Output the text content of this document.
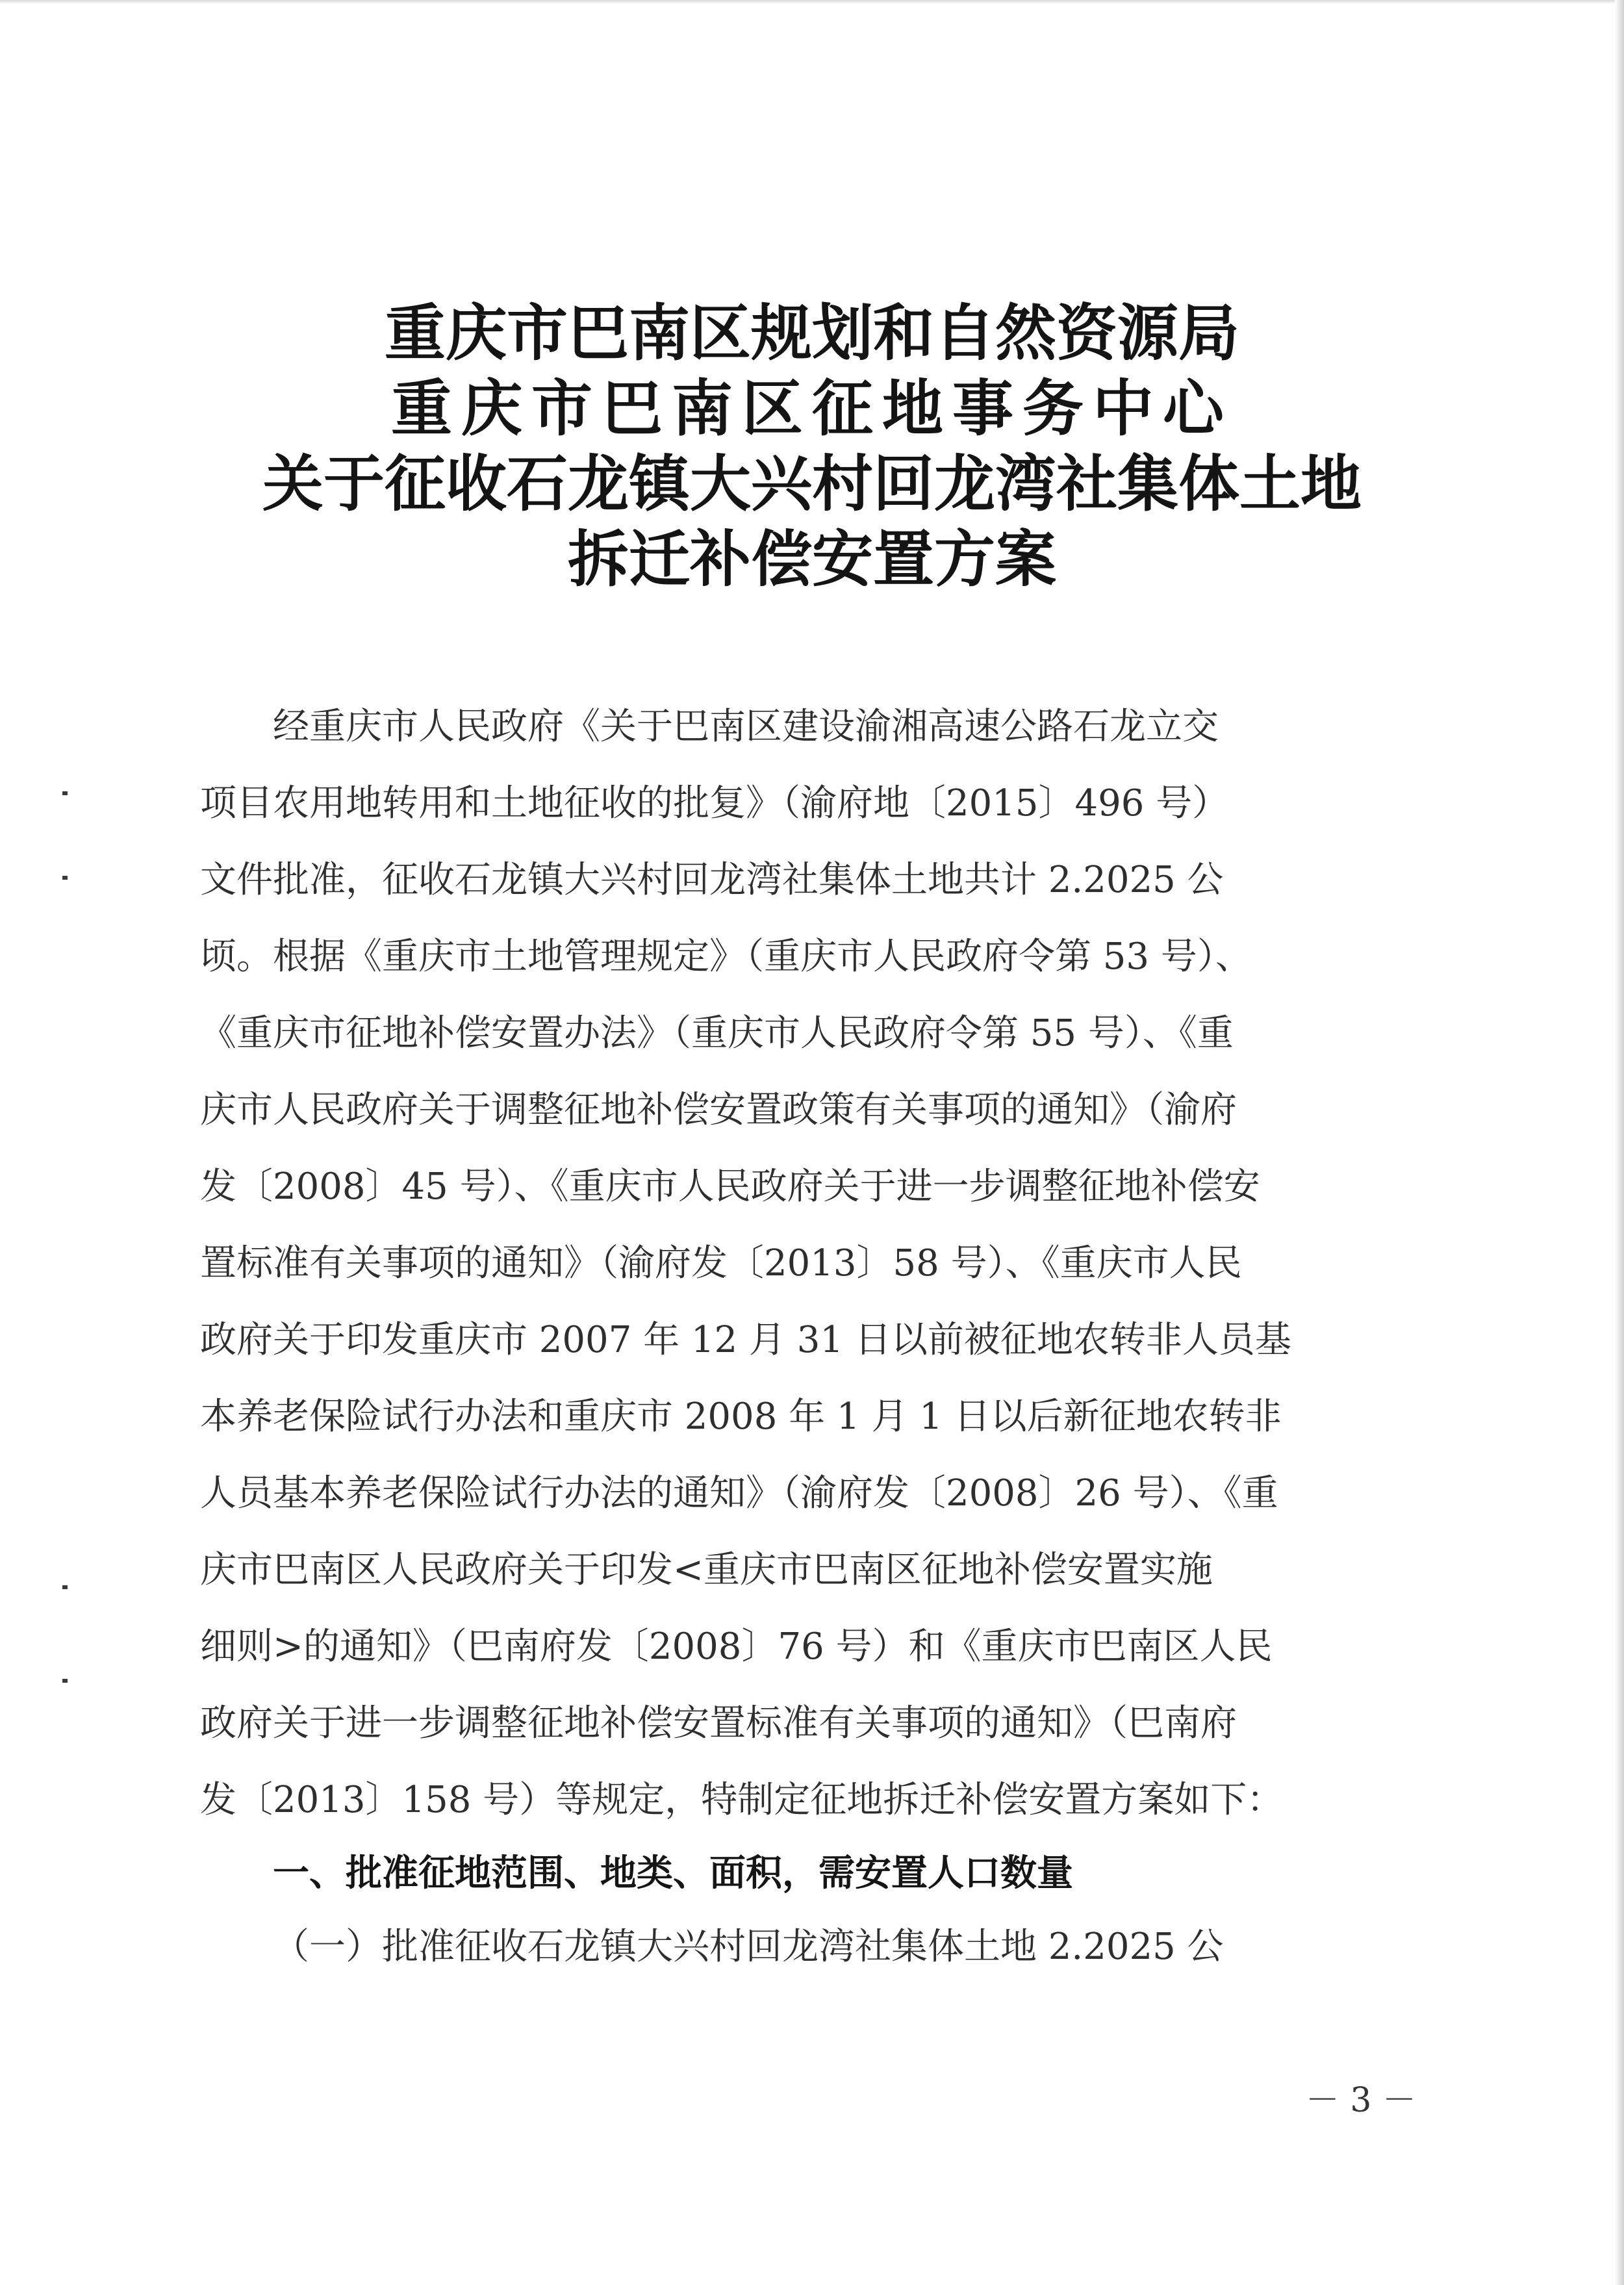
重庆市巴南区规划和自然资源局
重庆市巴南区征地事务中心
关于征收石龙镇大兴村回龙湾社集体土地
拆迁补偿安置方案
经重庆市人民政府《关于巴南区建设渝湘高速公路石龙立交
项目农用地转用和土地征收的批复》（渝府地〔2015〕496 号）
文件批准，征收石龙镇大兴村回龙湾社集体土地共计 2.2025 公
顷。根据《重庆市土地管理规定》（重庆市人民政府令第 53 号）、
《重庆市征地补偿安置办法》（重庆市人民政府令第 55 号）、《重
庆市人民政府关于调整征地补偿安置政策有关事项的通知》（渝府
发〔2008〕45 号）、《重庆市人民政府关于进一步调整征地补偿安
置标准有关事项的通知》（渝府发〔2013〕58 号）、《重庆市人民
政府关于印发重庆市 2007 年 12 月 31 日以前被征地农转非人员基
本养老保险试行办法和重庆市 2008 年 1 月 1 日以后新征地农转非
人员基本养老保险试行办法的通知》（渝府发〔2008〕26 号）、《重
庆市巴南区人民政府关于印发<重庆市巴南区征地补偿安置实施
细则>的通知》（巴南府发〔2008〕76 号）和《重庆市巴南区人民
政府关于进一步调整征地补偿安置标准有关事项的通知》（巴南府
发〔2013〕158 号）等规定，特制定征地拆迁补偿安置方案如下：
一、批准征地范围、地类、面积，需安置人口数量
（一）批准征收石龙镇大兴村回龙湾社集体土地 2.2025 公
－ 3 －
